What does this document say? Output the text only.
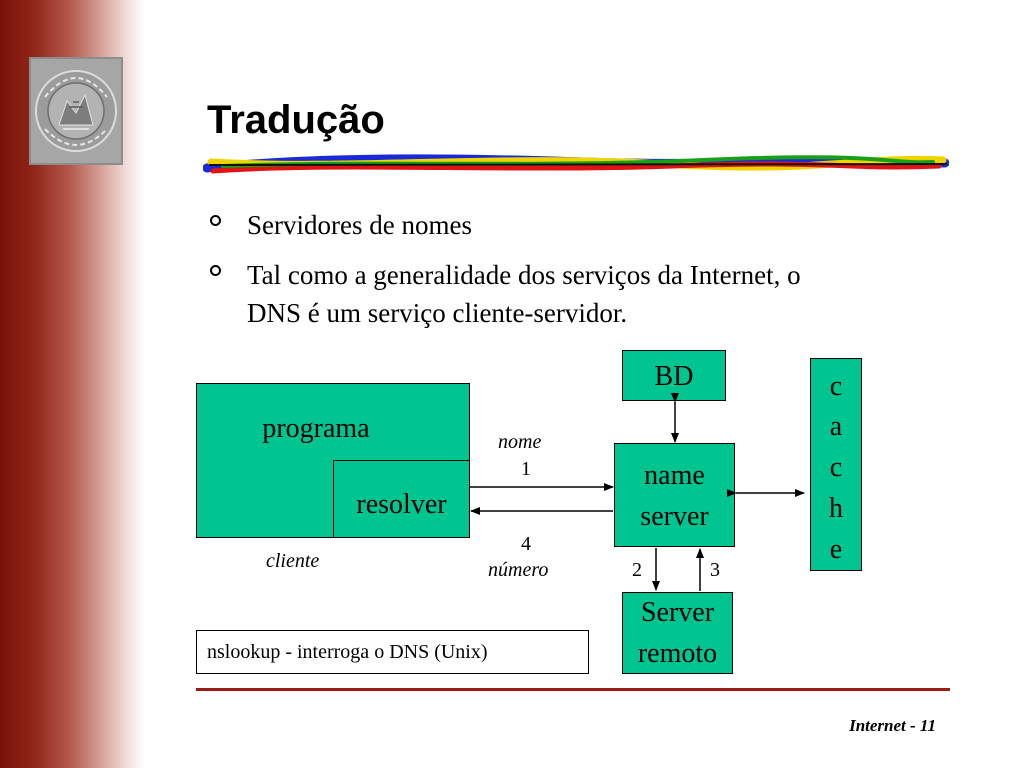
Tradução
Servidores de nomes
Tal como a generalidade dos serviços da Internet, o
DNS é um serviço cliente-servidor.
programa
resolver
BD
name
server
c
a
c
h
e
Server
remoto
cliente
nome
1
4
número	2	3
nslookup - interroga o DNS (Unix)
Internet - 11
